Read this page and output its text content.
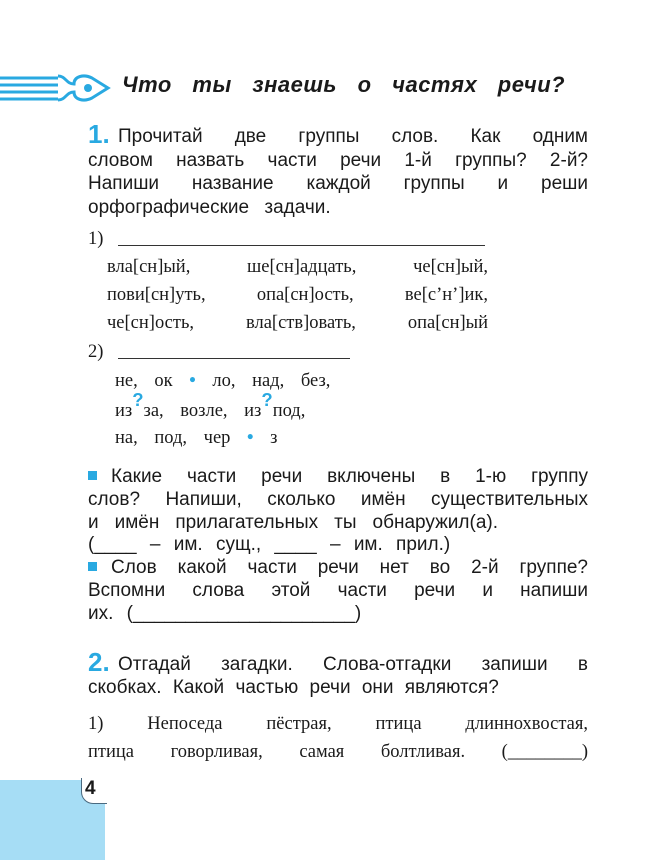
Что ты знаешь о частях речи?
1. Прочитай две группы слов. Как одним
словом назвать части речи 1-й группы? 2-й?
Напиши название каждой группы и реши
орфографические задачи.
1)
вла[сн]ый, ше[сн]адцать, че[сн]ый,
пови[сн]уть, опа[сн]ость, ве[с’н’]ик,
че[сн]ость, вла[ств]овать, опа[сн]ый
2)
не, ок • ло, над, без,
из?за, возле, из?под,
на, под, чер • з
Какие части речи включены в 1-ю группу
слов? Напиши, сколько имён существительных
и имён прилагательных ты обнаружил(а).
(____ – им. сущ., ____ – им. прил.)
Слов какой части речи нет во 2-й группе?
Вспомни слова этой части речи и напиши
их. (_____________________)
2. Отгадай загадки. Слова-отгадки запиши в
скобках. Какой частью речи они являются?
1) Непоседа пёстрая, птица длиннохвостая,
птица говорливая, самая болтливая. (________)
4
